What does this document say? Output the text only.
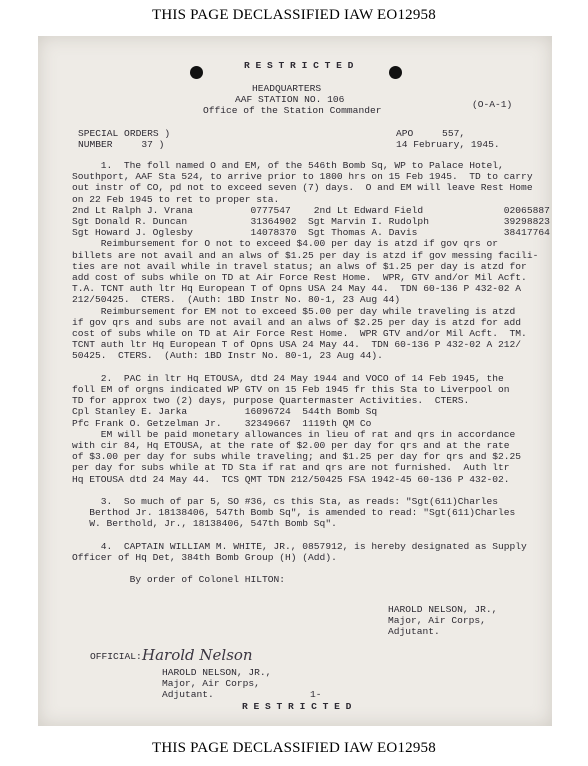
THIS PAGE DECLASSIFIED IAW EO12958
R E S T R I C T E D
HEADQUARTERS
AAF STATION NO. 106
Office of the Station Commander
(O-A-1)
SPECIAL ORDERS )	APO     557,
NUMBER     37 )	14 February, 1945.
1.  The foll named O and EM, of the 546th Bomb Sq, WP to Palace Hotel,
Southport, AAF Sta 524, to arrive prior to 1800 hrs on 15 Feb 1945.  TD to carry
out instr of CO, pd not to exceed seven (7) days.  O and EM will leave Rest Home
on 22 Feb 1945 to ret to proper sta.
2nd Lt Ralph J. Vrana          0777547    2nd Lt Edward Field              02065887
Sgt Donald R. Duncan           31364902  Sgt Marvin I. Rudolph             39298823
Sgt Howard J. Oglesby          14078370  Sgt Thomas A. Davis               38417764
Reimbursement for O not to exceed $4.00 per day is atzd if gov qrs or
billets are not avail and an alws of $1.25 per day is atzd if gov messing facili-
ties are not avail while in travel status; an alws of $1.25 per day is atzd for
add cost of subs while on TD at Air Force Rest Home.  WPR, GTV and/or Mil Acft.
T.A. TCNT auth ltr Hq European T of Opns USA 24 May 44.  TDN 60-136 P 432-02 A
212/50425.  CTERS.  (Auth: 1BD Instr No. 80-1, 23 Aug 44)
Reimbursement for EM not to exceed $5.00 per day while traveling is atzd
if gov qrs and subs are not avail and an alws of $2.25 per day is atzd for add
cost of subs while on TD at Air Force Rest Home.  WPR GTV and/or Mil Acft.  TM.
TCNT auth ltr Hq European T of Opns USA 24 May 44.  TDN 60-136 P 432-02 A 212/
50425.  CTERS.  (Auth: 1BD Instr No. 80-1, 23 Aug 44).
2.  PAC in ltr Hq ETOUSA, dtd 24 May 1944 and VOCO of 14 Feb 1945, the
foll EM of orgns indicated WP GTV on 15 Feb 1945 fr this Sta to Liverpool on
TD for approx two (2) days, purpose Quartermaster Activities.  CTERS.
Cpl Stanley E. Jarka          16096724  544th Bomb Sq
Pfc Frank O. Getzelman Jr.    32349667  1119th QM Co
EM will be paid monetary allowances in lieu of rat and qrs in accordance
with cir 84, Hq ETOUSA, at the rate of $2.00 per day for qrs and at the rate
of $3.00 per day for subs while traveling; and $1.25 per day for qrs and $2.25
per day for subs while at TD Sta if rat and qrs are not furnished.  Auth ltr
Hq ETOUSA dtd 24 May 44.  TCS QMT TDN 212/50425 FSA 1942-45 60-136 P 432-02.
3.  So much of par 5, SO #36, cs this Sta, as reads: "Sgt(611)Charles
Berthod Jr. 18138406, 547th Bomb Sq", is amended to read: "Sgt(611)Charles
W. Berthold, Jr., 18138406, 547th Bomb Sq".
4.  CAPTAIN WILLIAM M. WHITE, JR., 0857912, is hereby designated as Supply
Officer of Hq Det, 384th Bomb Group (H) (Add).
By order of Colonel HILTON:
HAROLD NELSON, JR.,
Major, Air Corps,
Adjutant.
OFFICIAL: Harold Nelson
HAROLD NELSON, JR.,
Major, Air Corps,
Adjutant.	1-
R E S T R I C T E D
THIS PAGE DECLASSIFIED IAW EO12958
